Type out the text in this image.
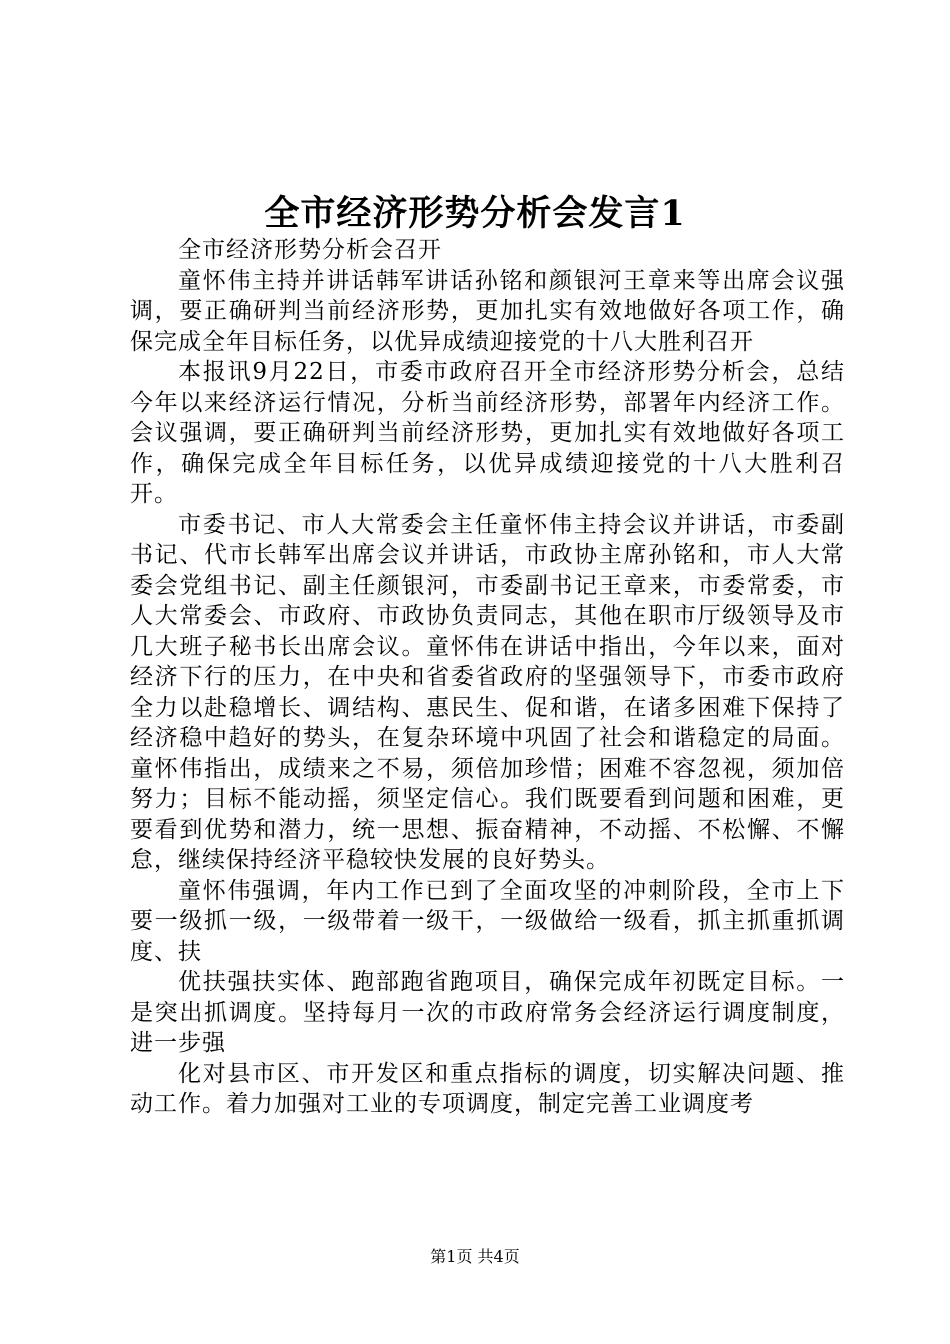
全市经济形势分析会发言1

全市经济形势分析会召开

童怀伟主持并讲话韩军讲话孙铭和颜银河王章来等出席会议强调，要正确研判当前经济形势，更加扎实有效地做好各项工作，确保完成全年目标任务，以优异成绩迎接党的十八大胜利召开

本报讯9月22日，市委市政府召开全市经济形势分析会，总结今年以来经济运行情况，分析当前经济形势，部署年内经济工作。会议强调，要正确研判当前经济形势，更加扎实有效地做好各项工作，确保完成全年目标任务，以优异成绩迎接党的十八大胜利召开。

市委书记、市人大常委会主任童怀伟主持会议并讲话，市委副书记、代市长韩军出席会议并讲话，市政协主席孙铭和，市人大常委会党组书记、副主任颜银河，市委副书记王章来，市委常委，市人大常委会、市政府、市政协负责同志，其他在职市厅级领导及市几大班子秘书长出席会议。童怀伟在讲话中指出，今年以来，面对经济下行的压力，在中央和省委省政府的坚强领导下，市委市政府全力以赴稳增长、调结构、惠民生、促和谐，在诸多困难下保持了经济稳中趋好的势头，在复杂环境中巩固了社会和谐稳定的局面。童怀伟指出，成绩来之不易，须倍加珍惜；困难不容忽视，须加倍努力；目标不能动摇，须坚定信心。我们既要看到问题和困难，更要看到优势和潜力，统一思想、振奋精神，不动摇、不松懈、不懈怠，继续保持经济平稳较快发展的良好势头。

童怀伟强调，年内工作已到了全面攻坚的冲刺阶段，全市上下要一级抓一级，一级带着一级干，一级做给一级看，抓主抓重抓调度、扶

优扶强扶实体、跑部跑省跑项目，确保完成年初既定目标。一是突出抓调度。坚持每月一次的市政府常务会经济运行调度制度，进一步强

化对县市区、市开发区和重点指标的调度，切实解决问题、推动工作。着力加强对工业的专项调度，制定完善工业调度考

第1页 共4页
